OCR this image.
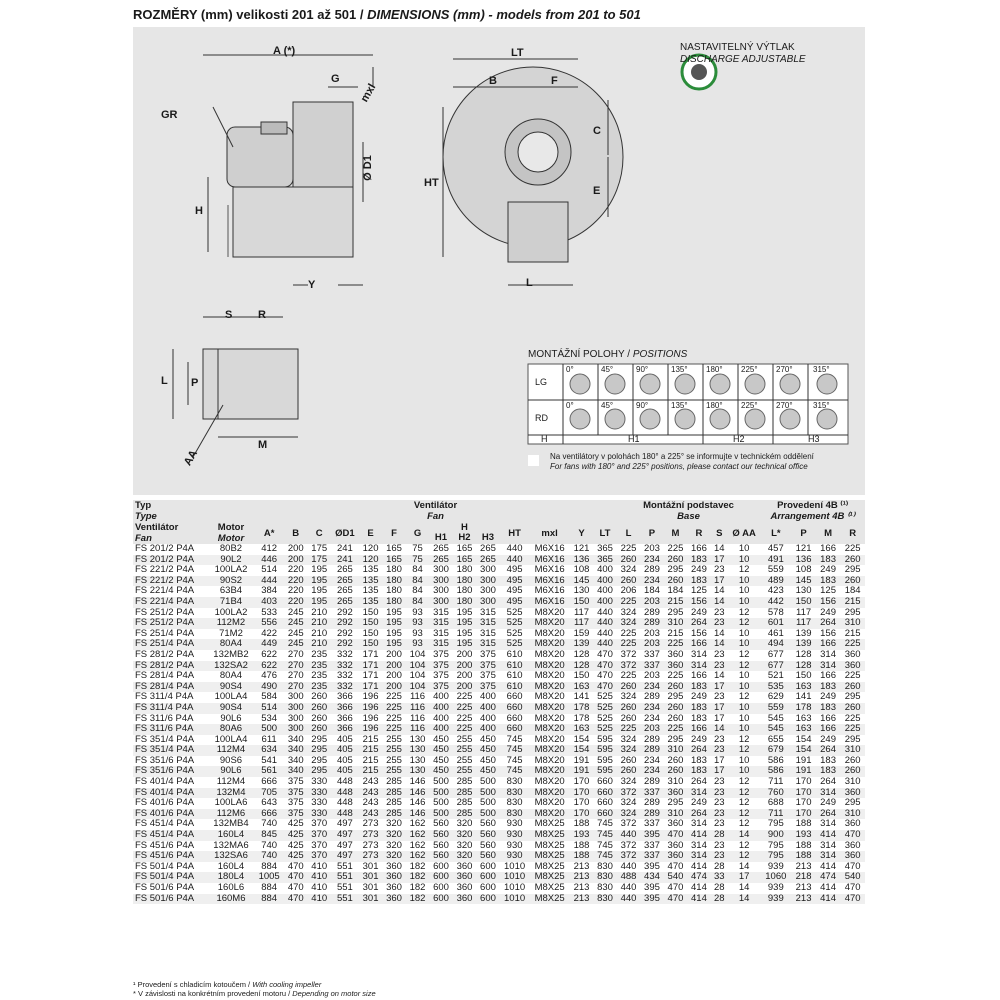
ROZMĚRY (mm) velikosti 201 až 501 / DIMENSIONS (mm) - models from 201 to 501
A (*)
G
mxl
GR
Ø D1
H
Y
LT
B	F
C
HT
E
L
S R
L P
AA
M
NASTAVITELNÝ VÝTLAK
DISCHARGE ADJUSTABLE
MONTÁŽNÍ POLOHY / POSITIONS
LG
RD
0°	45°	90°	135° 180° 225° 270°	315°
0°	45°	90°	135° 180° 225° 270°	315°
H	H1	H2	H3
Na ventilátory v polohách 180° a 225° se informujte v technickém oddělení
For fans with 180° and 225° positions, please contact our technical office
Typ
Type		Ventilátor
Fan														Montážní podstavec
Base						Provedení 4B ⁽¹⁾
Arrangement 4B ⁽¹⁾			

Ventilátor
Fan	Motor
Motor	A*	B	C	ØD1	E	F	G	H			HT	mxl	Y	LT	L	P	M	R	S	Ø AA	L*	P	M	R
									H1	H2	H3														
FS 201/2 P4A	80B2	412	200	175	241	120	165	75	265	165	265	440	M6X16	121	365	225	203	225	166	14	10	457	121	166	225
FS 201/2 P4A	90L2	446	200	175	241	120	165	75	265	165	265	440	M6X16	136	365	260	234	260	183	17	10	491	136	183	260
FS 221/2 P4A	100LA2	514	220	195	265	135	180	84	300	180	300	495	M6X16	108	400	324	289	295	249	23	12	559	108	249	295
FS 221/2 P4A	90S2	444	220	195	265	135	180	84	300	180	300	495	M6X16	145	400	260	234	260	183	17	10	489	145	183	260
FS 221/4 P4A	63B4	384	220	195	265	135	180	84	300	180	300	495	M6X16	130	400	206	184	184	125	14	10	423	130	125	184
FS 221/4 P4A	71B4	403	220	195	265	135	180	84	300	180	300	495	M6X16	150	400	225	203	215	156	14	10	442	150	156	215
FS 251/2 P4A	100LA2	533	245	210	292	150	195	93	315	195	315	525	M8X20	117	440	324	289	295	249	23	12	578	117	249	295
FS 251/2 P4A	112M2	556	245	210	292	150	195	93	315	195	315	525	M8X20	117	440	324	289	310	264	23	12	601	117	264	310
FS 251/4 P4A	71M2	422	245	210	292	150	195	93	315	195	315	525	M8X20	159	440	225	203	215	156	14	10	461	139	156	215
FS 251/4 P4A	80A4	449	245	210	292	150	195	93	315	195	315	525	M8X20	139	440	225	203	225	166	14	10	494	139	166	225
FS 281/2 P4A	132MB2	622	270	235	332	171	200	104	375	200	375	610	M8X20	128	470	372	337	360	314	23	12	677	128	314	360
FS 281/2 P4A	132SA2	622	270	235	332	171	200	104	375	200	375	610	M8X20	128	470	372	337	360	314	23	12	677	128	314	360
FS 281/4 P4A	80A4	476	270	235	332	171	200	104	375	200	375	610	M8X20	150	470	225	203	225	166	14	10	521	150	166	225
FS 281/4 P4A	90S4	490	270	235	332	171	200	104	375	200	375	610	M8X20	163	470	260	234	260	183	17	10	535	163	183	260
FS 311/4 P4A	100LA4	584	300	260	366	196	225	116	400	225	400	660	M8X20	141	525	324	289	295	249	23	12	629	141	249	295
FS 311/4 P4A	90S4	514	300	260	366	196	225	116	400	225	400	660	M8X20	178	525	260	234	260	183	17	10	559	178	183	260
FS 311/6 P4A	90L6	534	300	260	366	196	225	116	400	225	400	660	M8X20	178	525	260	234	260	183	17	10	545	163	166	225
FS 311/6 P4A	80A6	500	300	260	366	196	225	116	400	225	400	660	M8X20	163	525	225	203	225	166	14	10	545	163	166	225
FS 351/4 P4A	100LA4	611	340	295	405	215	255	130	450	255	450	745	M8X20	154	595	324	289	295	249	23	12	655	154	249	295
FS 351/4 P4A	112M4	634	340	295	405	215	255	130	450	255	450	745	M8X20	154	595	324	289	310	264	23	12	679	154	264	310
FS 351/6 P4A	90S6	541	340	295	405	215	255	130	450	255	450	745	M8X20	191	595	260	234	260	183	17	10	586	191	183	260
FS 351/6 P4A	90L6	561	340	295	405	215	255	130	450	255	450	745	M8X20	191	595	260	234	260	183	17	10	586	191	183	260
FS 401/4 P4A	112M4	666	375	330	448	243	285	146	500	285	500	830	M8X20	170	660	324	289	310	264	23	12	711	170	264	310
FS 401/4 P4A	132M4	705	375	330	448	243	285	146	500	285	500	830	M8X20	170	660	372	337	360	314	23	12	760	170	314	360
FS 401/6 P4A	100LA6	643	375	330	448	243	285	146	500	285	500	830	M8X20	170	660	324	289	295	249	23	12	688	170	249	295
FS 401/6 P4A	112M6	666	375	330	448	243	285	146	500	285	500	830	M8X20	170	660	324	289	310	264	23	12	711	170	264	310
FS 451/4 P4A	132MB4	740	425	370	497	273	320	162	560	320	560	930	M8X25	188	745	372	337	360	314	23	12	795	188	314	360
FS 451/4 P4A	160L4	845	425	370	497	273	320	162	560	320	560	930	M8X25	193	745	440	395	470	414	28	14	900	193	414	470
FS 451/6 P4A	132MA6	740	425	370	497	273	320	162	560	320	560	930	M8X25	188	745	372	337	360	314	23	12	795	188	314	360
FS 451/6 P4A	132SA6	740	425	370	497	273	320	162	560	320	560	930	M8X25	188	745	372	337	360	314	23	12	795	188	314	360
FS 501/4 P4A	160L4	884	470	410	551	301	360	182	600	360	600	1010	M8X25	213	830	440	395	470	414	28	14	939	213	414	470
FS 501/4 P4A	180L4	1005	470	410	551	301	360	182	600	360	600	1010	M8X25	213	830	488	434	540	474	33	17	1060	218	474	540
FS 501/6 P4A	160L6	884	470	410	551	301	360	182	600	360	600	1010	M8X25	213	830	440	395	470	414	28	14	939	213	414	470
FS 501/6 P4A	160M6	884	470	410	551	301	360	182	600	360	600	1010	M8X25	213	830	440	395	470	414	28	14	939	213	414	470
¹ Provedení s chladicím kotoučem / With cooling impeller
* V závislosti na konkrétním provedení motoru / Depending on motor size
